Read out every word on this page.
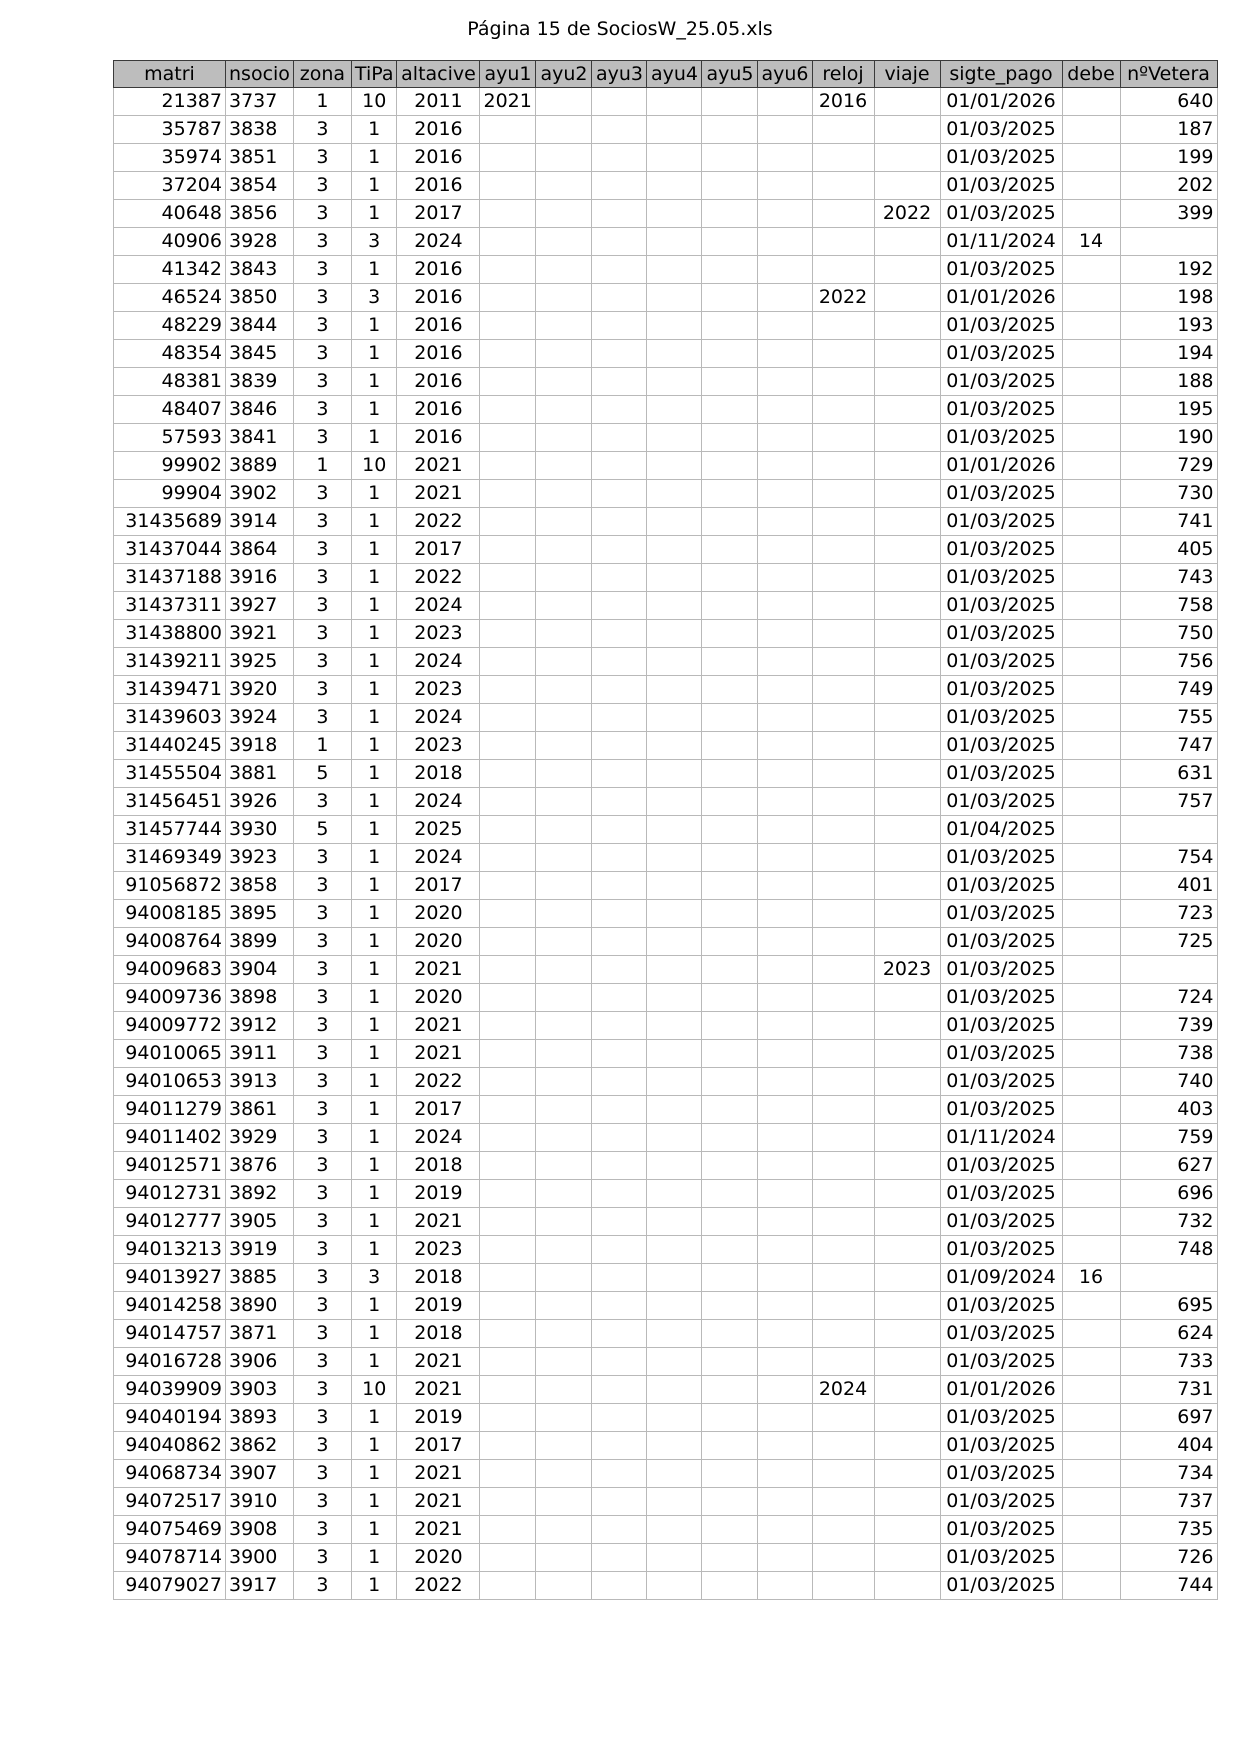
Página 15 de SociosW_25.05.xls
matri	nsocio	zona	TiPa	altacive	ayu1	ayu2	ayu3	ayu4	ayu5	ayu6	reloj	viaje	sigte_pago	debe	nºVetera
21387	3737	1	10	2011	2021						2016		01/01/2026		640
35787	3838	3	1	2016									01/03/2025		187
35974	3851	3	1	2016									01/03/2025		199
37204	3854	3	1	2016									01/03/2025		202
40648	3856	3	1	2017								2022	01/03/2025		399
40906	3928	3	3	2024									01/11/2024	14	
41342	3843	3	1	2016									01/03/2025		192
46524	3850	3	3	2016							2022		01/01/2026		198
48229	3844	3	1	2016									01/03/2025		193
48354	3845	3	1	2016									01/03/2025		194
48381	3839	3	1	2016									01/03/2025		188
48407	3846	3	1	2016									01/03/2025		195
57593	3841	3	1	2016									01/03/2025		190
99902	3889	1	10	2021									01/01/2026		729
99904	3902	3	1	2021									01/03/2025		730
31435689	3914	3	1	2022									01/03/2025		741
31437044	3864	3	1	2017									01/03/2025		405
31437188	3916	3	1	2022									01/03/2025		743
31437311	3927	3	1	2024									01/03/2025		758
31438800	3921	3	1	2023									01/03/2025		750
31439211	3925	3	1	2024									01/03/2025		756
31439471	3920	3	1	2023									01/03/2025		749
31439603	3924	3	1	2024									01/03/2025		755
31440245	3918	1	1	2023									01/03/2025		747
31455504	3881	5	1	2018									01/03/2025		631
31456451	3926	3	1	2024									01/03/2025		757
31457744	3930	5	1	2025									01/04/2025		
31469349	3923	3	1	2024									01/03/2025		754
91056872	3858	3	1	2017									01/03/2025		401
94008185	3895	3	1	2020									01/03/2025		723
94008764	3899	3	1	2020									01/03/2025		725
94009683	3904	3	1	2021								2023	01/03/2025		
94009736	3898	3	1	2020									01/03/2025		724
94009772	3912	3	1	2021									01/03/2025		739
94010065	3911	3	1	2021									01/03/2025		738
94010653	3913	3	1	2022									01/03/2025		740
94011279	3861	3	1	2017									01/03/2025		403
94011402	3929	3	1	2024									01/11/2024		759
94012571	3876	3	1	2018									01/03/2025		627
94012731	3892	3	1	2019									01/03/2025		696
94012777	3905	3	1	2021									01/03/2025		732
94013213	3919	3	1	2023									01/03/2025		748
94013927	3885	3	3	2018									01/09/2024	16	
94014258	3890	3	1	2019									01/03/2025		695
94014757	3871	3	1	2018									01/03/2025		624
94016728	3906	3	1	2021									01/03/2025		733
94039909	3903	3	10	2021							2024		01/01/2026		731
94040194	3893	3	1	2019									01/03/2025		697
94040862	3862	3	1	2017									01/03/2025		404
94068734	3907	3	1	2021									01/03/2025		734
94072517	3910	3	1	2021									01/03/2025		737
94075469	3908	3	1	2021									01/03/2025		735
94078714	3900	3	1	2020									01/03/2025		726
94079027	3917	3	1	2022									01/03/2025		744
